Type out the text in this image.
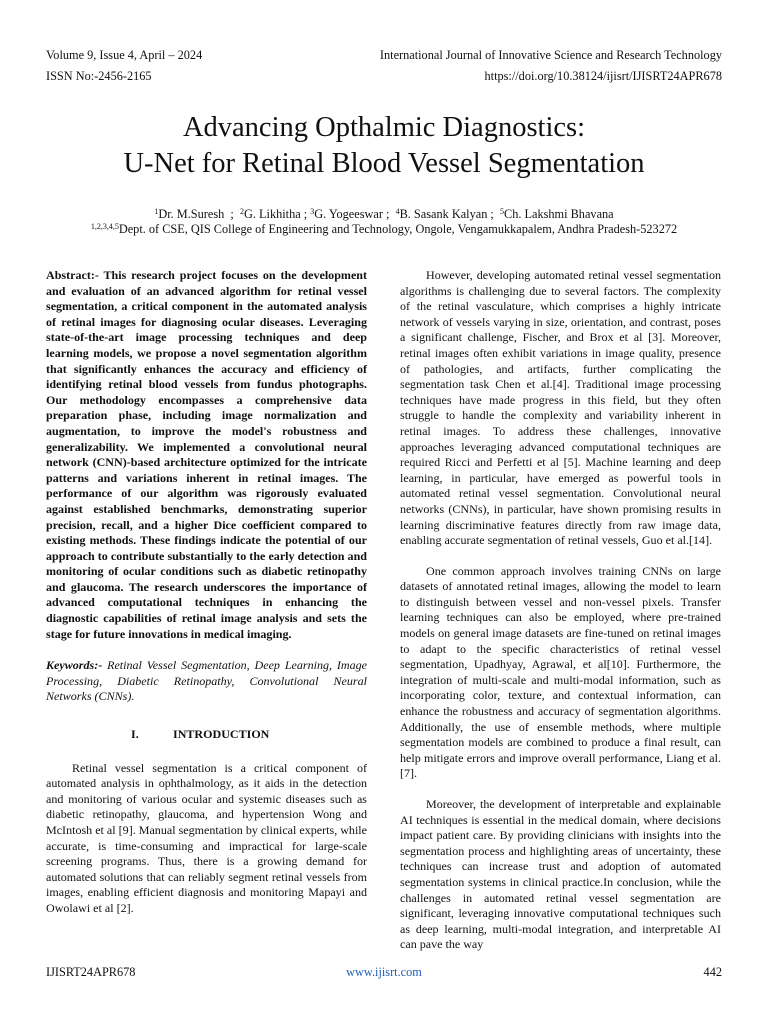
Volume 9, Issue 4, April – 2024
ISSN No:-2456-2165
International Journal of Innovative Science and Research Technology
https://doi.org/10.38124/ijisrt/IJISRT24APR678
Advancing Opthalmic Diagnostics:
U-Net for Retinal Blood Vessel Segmentation
$^1$Dr. M.Suresh  ;  $^2$G. Likhitha ; $^3$G. Yogeeswar ;  $^4$B. Sasank Kalyan ;  $^5$Ch. Lakshmi Bhavana
$^{1,2,3,4,5}$Dept. of CSE, QIS College of Engineering and Technology, Ongole, Vengamukkapalem, Andhra Pradesh-523272

Abstract:- This research project focuses on the development and evaluation of an advanced algorithm for retinal vessel segmentation, a critical component in the automated analysis of retinal images for diagnosing ocular diseases. Leveraging state-of-the-art image processing techniques and deep learning models, we propose a novel segmentation algorithm that significantly enhances the accuracy and efficiency of identifying retinal blood vessels from fundus photographs. Our methodology encompasses a comprehensive data preparation phase, including image normalization and augmentation, to improve the model's robustness and generalizability. We implemented a convolutional neural network (CNN)-based architecture optimized for the intricate patterns and variations inherent in retinal images. The performance of our algorithm was rigorously evaluated against established benchmarks, demonstrating superior precision, recall, and a higher Dice coefficient compared to existing methods. These findings indicate the potential of our approach to contribute substantially to the early detection and monitoring of ocular conditions such as diabetic retinopathy and glaucoma. The research underscores the importance of advanced computational techniques in enhancing the diagnostic capabilities of retinal image analysis and sets the stage for future innovations in medical imaging.

Keywords:- Retinal Vessel Segmentation, Deep Learning, Image Processing, Diabetic Retinopathy, Convolutional Neural Networks (CNNs).

I.	INTRODUCTION

Retinal vessel segmentation is a critical component of automated analysis in ophthalmology, as it aids in the detection and monitoring of various ocular and systemic diseases such as diabetic retinopathy, glaucoma, and hypertension Wong and McIntosh et al [9]. Manual segmentation by clinical experts, while accurate, is time-consuming and impractical for large-scale screening programs. Thus, there is a growing demand for automated solutions that can reliably segment retinal vessels from images, enabling efficient diagnosis and monitoring Mapayi and Owolawi et al [2].

However, developing automated retinal vessel segmentation algorithms is challenging due to several factors. The complexity of the retinal vasculature, which comprises a highly intricate network of vessels varying in size, orientation, and contrast, poses a significant challenge, Fischer, and Brox et al [3]. Moreover, retinal images often exhibit variations in image quality, presence of pathologies, and artifacts, further complicating the segmentation task Chen et al.[4]. Traditional image processing techniques have made progress in this field, but they often struggle to handle the complexity and variability inherent in retinal images. To address these challenges, innovative approaches leveraging advanced computational techniques are required Ricci and Perfetti et al [5]. Machine learning and deep learning, in particular, have emerged as powerful tools in automated retinal vessel segmentation. Convolutional neural networks (CNNs), in particular, have shown promising results in learning discriminative features directly from raw image data, enabling accurate segmentation of retinal vessels, Guo et al.[14].

One common approach involves training CNNs on large datasets of annotated retinal images, allowing the model to learn to distinguish between vessel and non-vessel pixels. Transfer learning techniques can also be employed, where pre-trained models on general image datasets are fine-tuned on retinal images to adapt to the specific characteristics of retinal vessel segmentation, Upadhyay, Agrawal, et al[10]. Furthermore, the integration of multi-scale and multi-modal information, such as incorporating color, texture, and contextual information, can enhance the robustness and accuracy of segmentation algorithms. Additionally, the use of ensemble methods, where multiple segmentation models are combined to produce a final result, can help mitigate errors and improve overall performance, Liang et al.[7].

Moreover, the development of interpretable and explainable AI techniques is essential in the medical domain, where decisions impact patient care. By providing clinicians with insights into the segmentation process and highlighting areas of uncertainty, these techniques can increase trust and adoption of automated segmentation systems in clinical practice.In conclusion, while the challenges in automated retinal vessel segmentation are significant, leveraging innovative computational techniques such as deep learning, multi-modal integration, and interpretable AI can pave the way

IJISRT24APR678	www.ijisrt.com	442
